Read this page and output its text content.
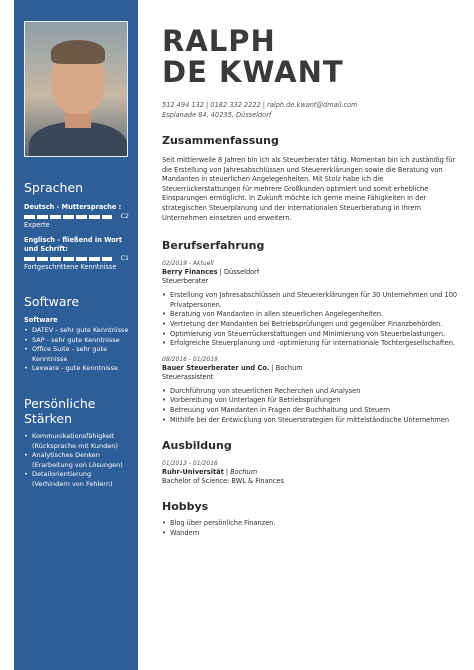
Sprachen
Deutsch - Muttersprache :
C2
Experte
Englisch - fließend in Wort und Schrift:
C1
Fortgeschrittene Kenntnisse
Software
Software
• DATEV - sehr gute Kenntnisse
• SAP - sehr gute Kenntnisse
• Office Suite - sehr gute Kenntnisse
• Lexware - gute Kenntnisse
Persönliche Stärken
• Kommunikationsfähigkeit (Rücksprache mit Kunden)
• Analytisches Denken (Erarbeitung von Lösungen)
• Detailorientierung (Verhindern von Fehlern)
RALPH
DE KWANT
512 494 132 | 0182 332 2222 | ralph.de.kwant@dmail.com
Esplanade 84, 40235, Düsseldorf
Zusammenfassung

Seit mittlerweile 8 Jahren bin ich als Steuerberater tätig. Momentan bin ich zuständig für die Erstellung von Jahresabschlüssen und Steuererklärungen sowie die Beratung von Mandanten in steuerlichen Angelegenheiten. Mit Stolz habe ich die Steuerrückerstattungen für mehrere Großkunden optimiert und somit erhebliche Einsparungen ermöglicht. In Zukunft möchte ich gerne meine Fähigkeiten in der strategischen Steuerplanung und der internationalen Steuerberatung in Ihrem Unternehmen einsetzen und erweitern.

Berufserfahrung
02/2019 - Aktuell
Berry Finances | Düsseldorf
Steuerberater
• Erstellung von Jahresabschlüssen und Steuererklärungen für 30 Unternehmen und 100 Privatpersonen.
• Beratung von Mandanten in allen steuerlichen Angelegenheiten.
• Vertretung der Mandanten bei Betriebsprüfungen und gegenüber Finanzbehörden.
• Optimierung von Steuerrückerstattungen und Minimierung von Steuerbelastungen.
• Erfolgreiche Steuerplanung und -optimierung für internationale Tochtergesellschaften.
08/2016 - 01/2019
Bauer Steuerberater und Co. | Bochum
Steuerassistent
• Durchführung von steuerlichen Recherchen und Analysen
• Vorbereitung von Unterlagen für Betriebsprüfungen
• Betreuung von Mandanten in Fragen der Buchhaltung und Steuern
• Mithilfe bei der Entwicklung von Steuerstrategien für mittelständische Unternehmen
Ausbildung
01/2013 - 01/2016
Ruhr-Universität | Bochum
Bachelor of Science: BWL & Finances
Hobbys
• Blog über persönliche Finanzen.
• Wandern
